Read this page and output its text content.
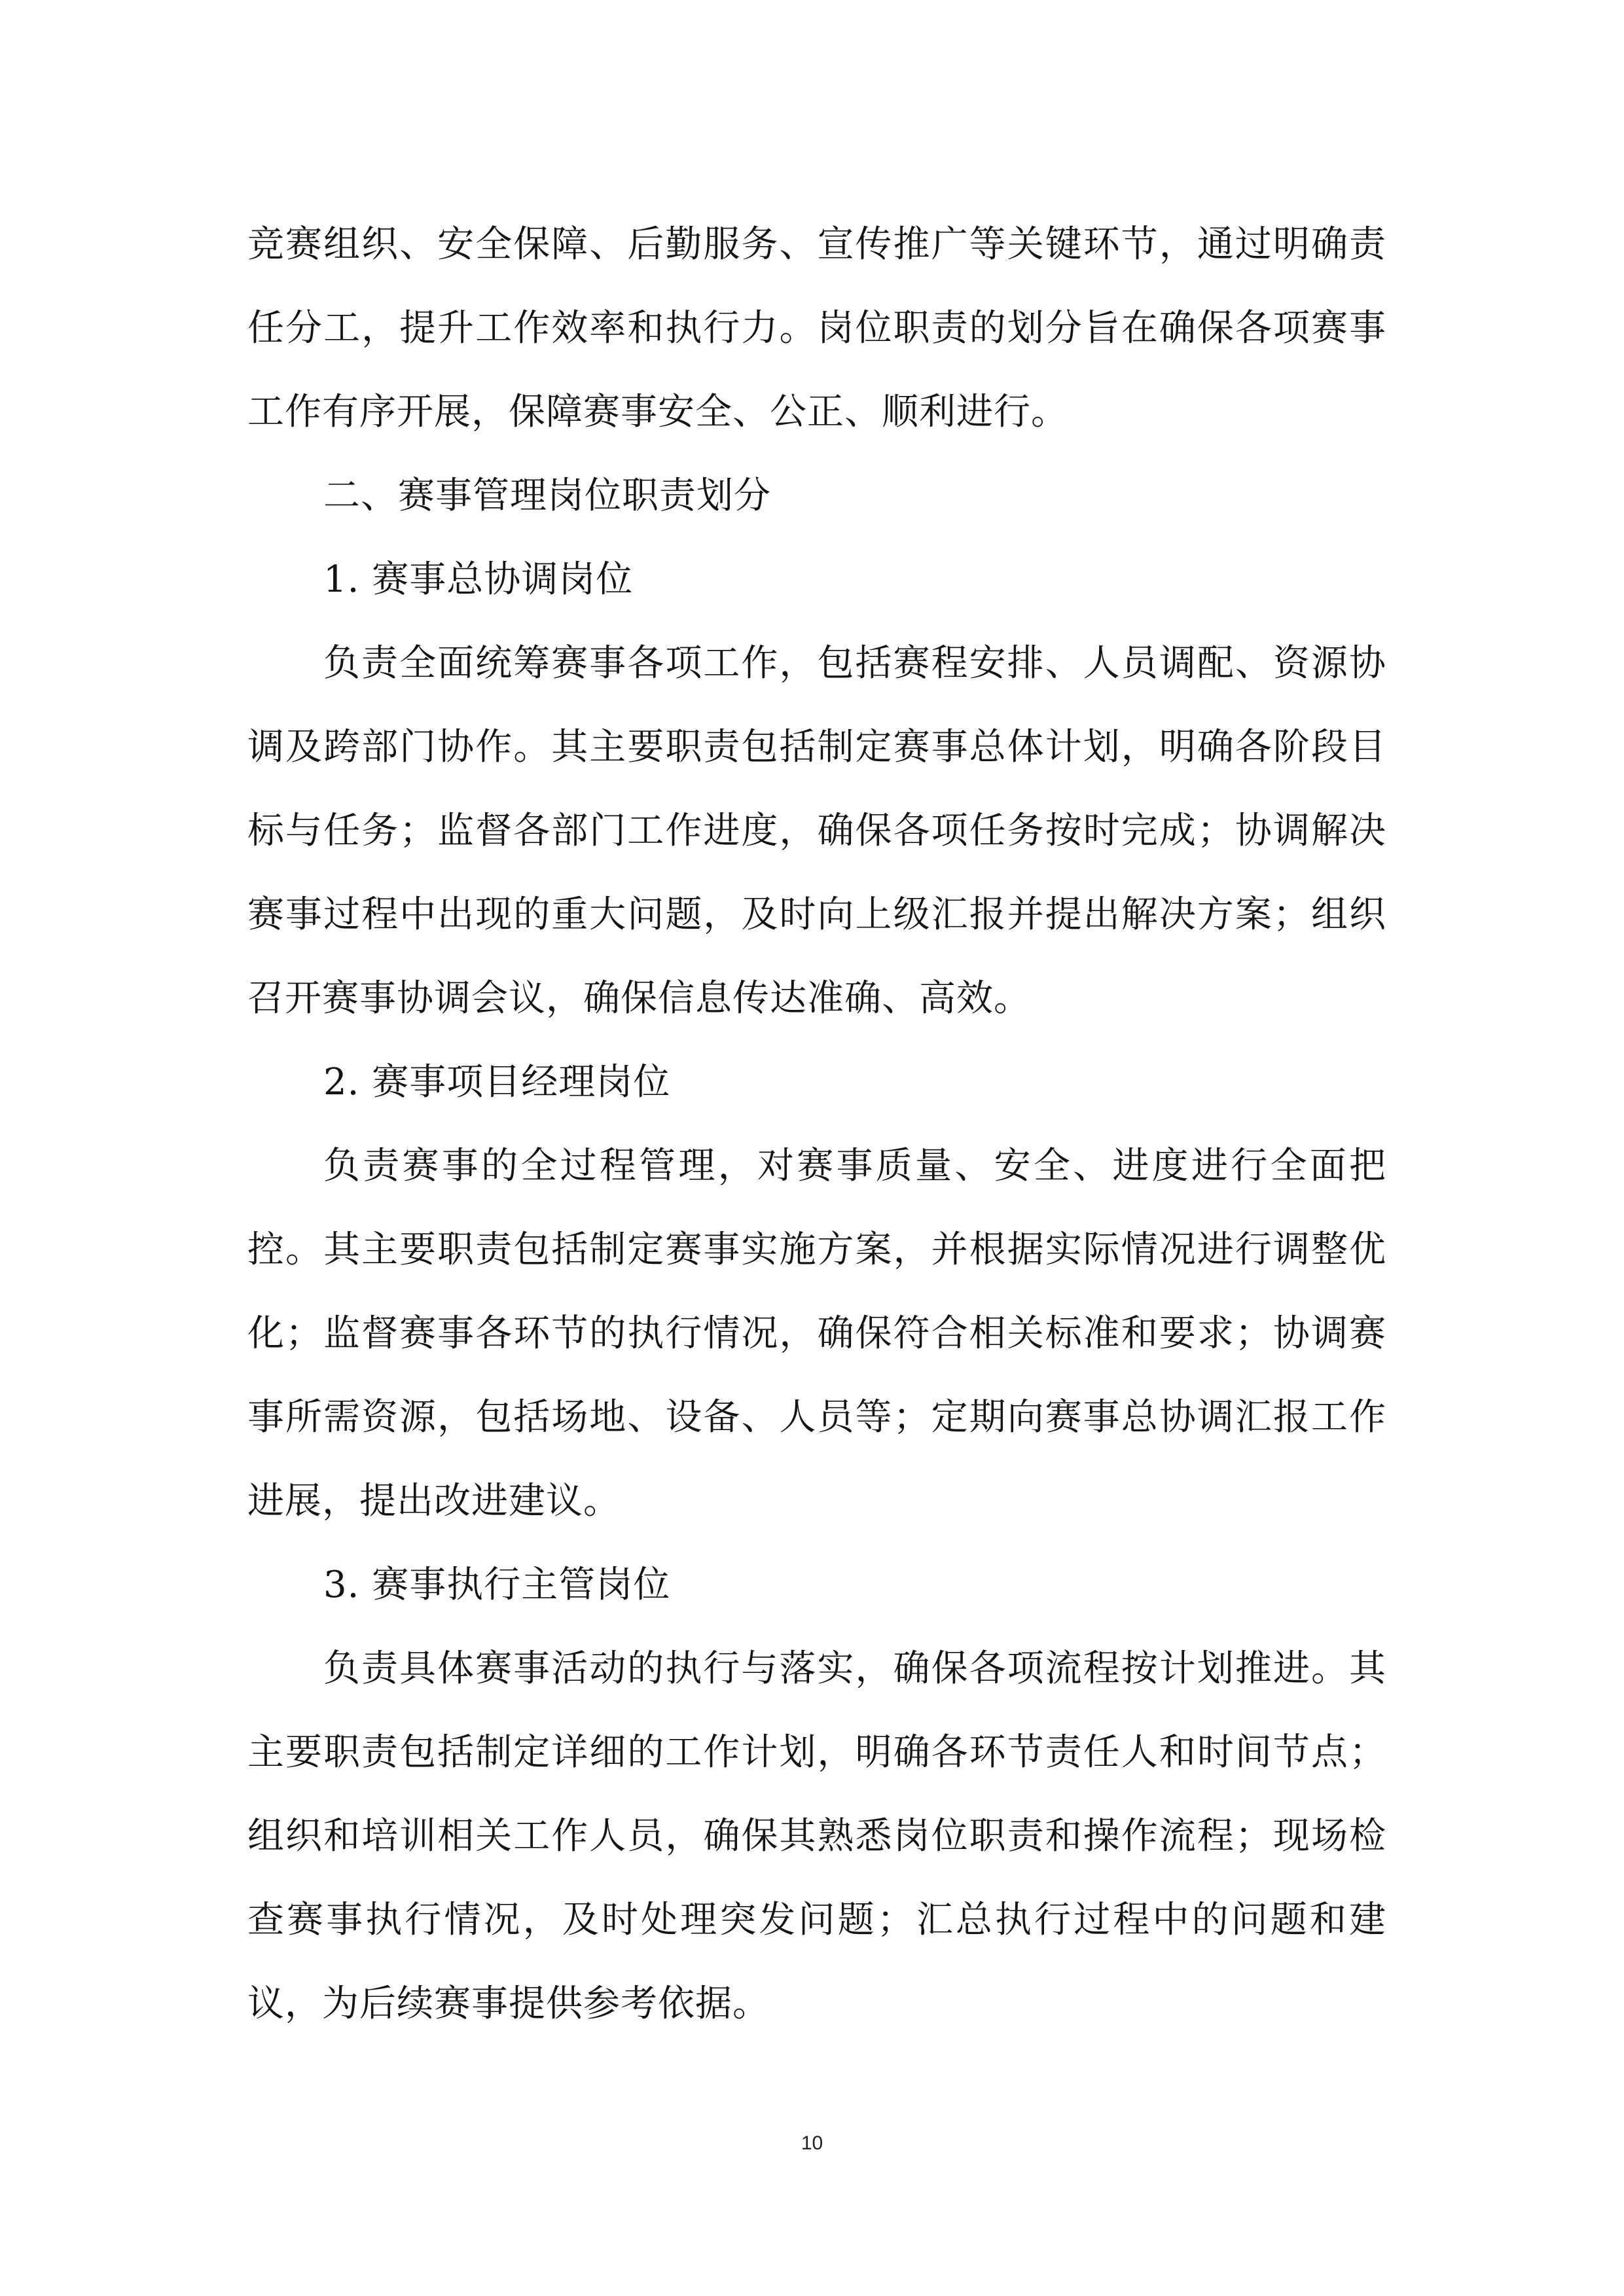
竞赛组织、安全保障、后勤服务、宣传推广等关键环节，通过明确责任分工，提升工作效率和执行力。岗位职责的划分旨在确保各项赛事工作有序开展，保障赛事安全、公正、顺利进行。

二、赛事管理岗位职责划分

1. 赛事总协调岗位

负责全面统筹赛事各项工作，包括赛程安排、人员调配、资源协调及跨部门协作。其主要职责包括制定赛事总体计划，明确各阶段目标与任务；监督各部门工作进度，确保各项任务按时完成；协调解决赛事过程中出现的重大问题，及时向上级汇报并提出解决方案；组织召开赛事协调会议，确保信息传达准确、高效。

2. 赛事项目经理岗位

负责赛事的全过程管理，对赛事质量、安全、进度进行全面把控。其主要职责包括制定赛事实施方案，并根据实际情况进行调整优化；监督赛事各环节的执行情况，确保符合相关标准和要求；协调赛事所需资源，包括场地、设备、人员等；定期向赛事总协调汇报工作进展，提出改进建议。

3. 赛事执行主管岗位

负责具体赛事活动的执行与落实，确保各项流程按计划推进。其主要职责包括制定详细的工作计划，明确各环节责任人和时间节点；组织和培训相关工作人员，确保其熟悉岗位职责和操作流程；现场检查赛事执行情况，及时处理突发问题；汇总执行过程中的问题和建议，为后续赛事提供参考依据。

10
